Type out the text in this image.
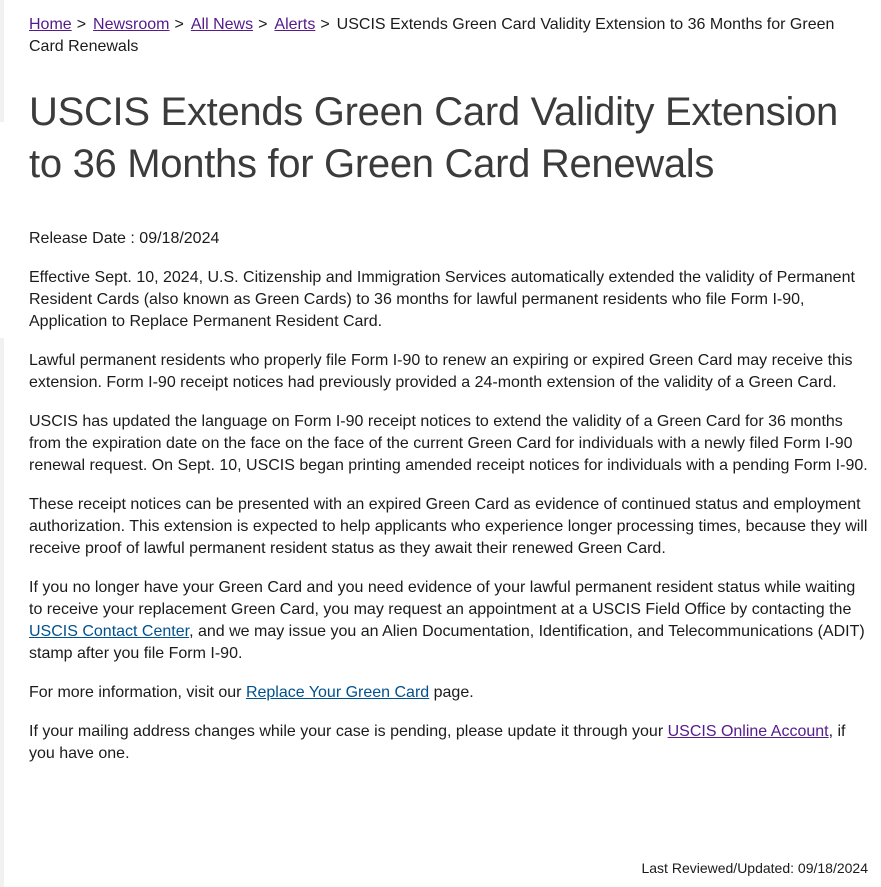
Home > Newsroom > All News > Alerts > USCIS Extends Green Card Validity Extension to 36 Months for Green Card Renewals
USCIS Extends Green Card Validity Extension to 36 Months for Green Card Renewals

Release Date : 09/18/2024

Effective Sept. 10, 2024, U.S. Citizenship and Immigration Services automatically extended the validity of Permanent Resident Cards (also known as Green Cards) to 36 months for lawful permanent residents who file Form I-90, Application to Replace Permanent Resident Card.

Lawful permanent residents who properly file Form I-90 to renew an expiring or expired Green Card may receive this extension. Form I-90 receipt notices had previously provided a 24-month extension of the validity of a Green Card.

USCIS has updated the language on Form I-90 receipt notices to extend the validity of a Green Card for 36 months from the expiration date on the face on the face of the current Green Card for individuals with a newly filed Form I-90 renewal request. On Sept. 10, USCIS began printing amended receipt notices for individuals with a pending Form I-90.

These receipt notices can be presented with an expired Green Card as evidence of continued status and employment authorization. This extension is expected to help applicants who experience longer processing times, because they will receive proof of lawful permanent resident status as they await their renewed Green Card.

If you no longer have your Green Card and you need evidence of your lawful permanent resident status while waiting to receive your replacement Green Card, you may request an appointment at a USCIS Field Office by contacting the USCIS Contact Center, and we may issue you an Alien Documentation, Identification, and Telecommunications (ADIT) stamp after you file Form I-90.

For more information, visit our Replace Your Green Card page.

If your mailing address changes while your case is pending, please update it through your USCIS Online Account, if you have one.

Last Reviewed/Updated: 09/18/2024
